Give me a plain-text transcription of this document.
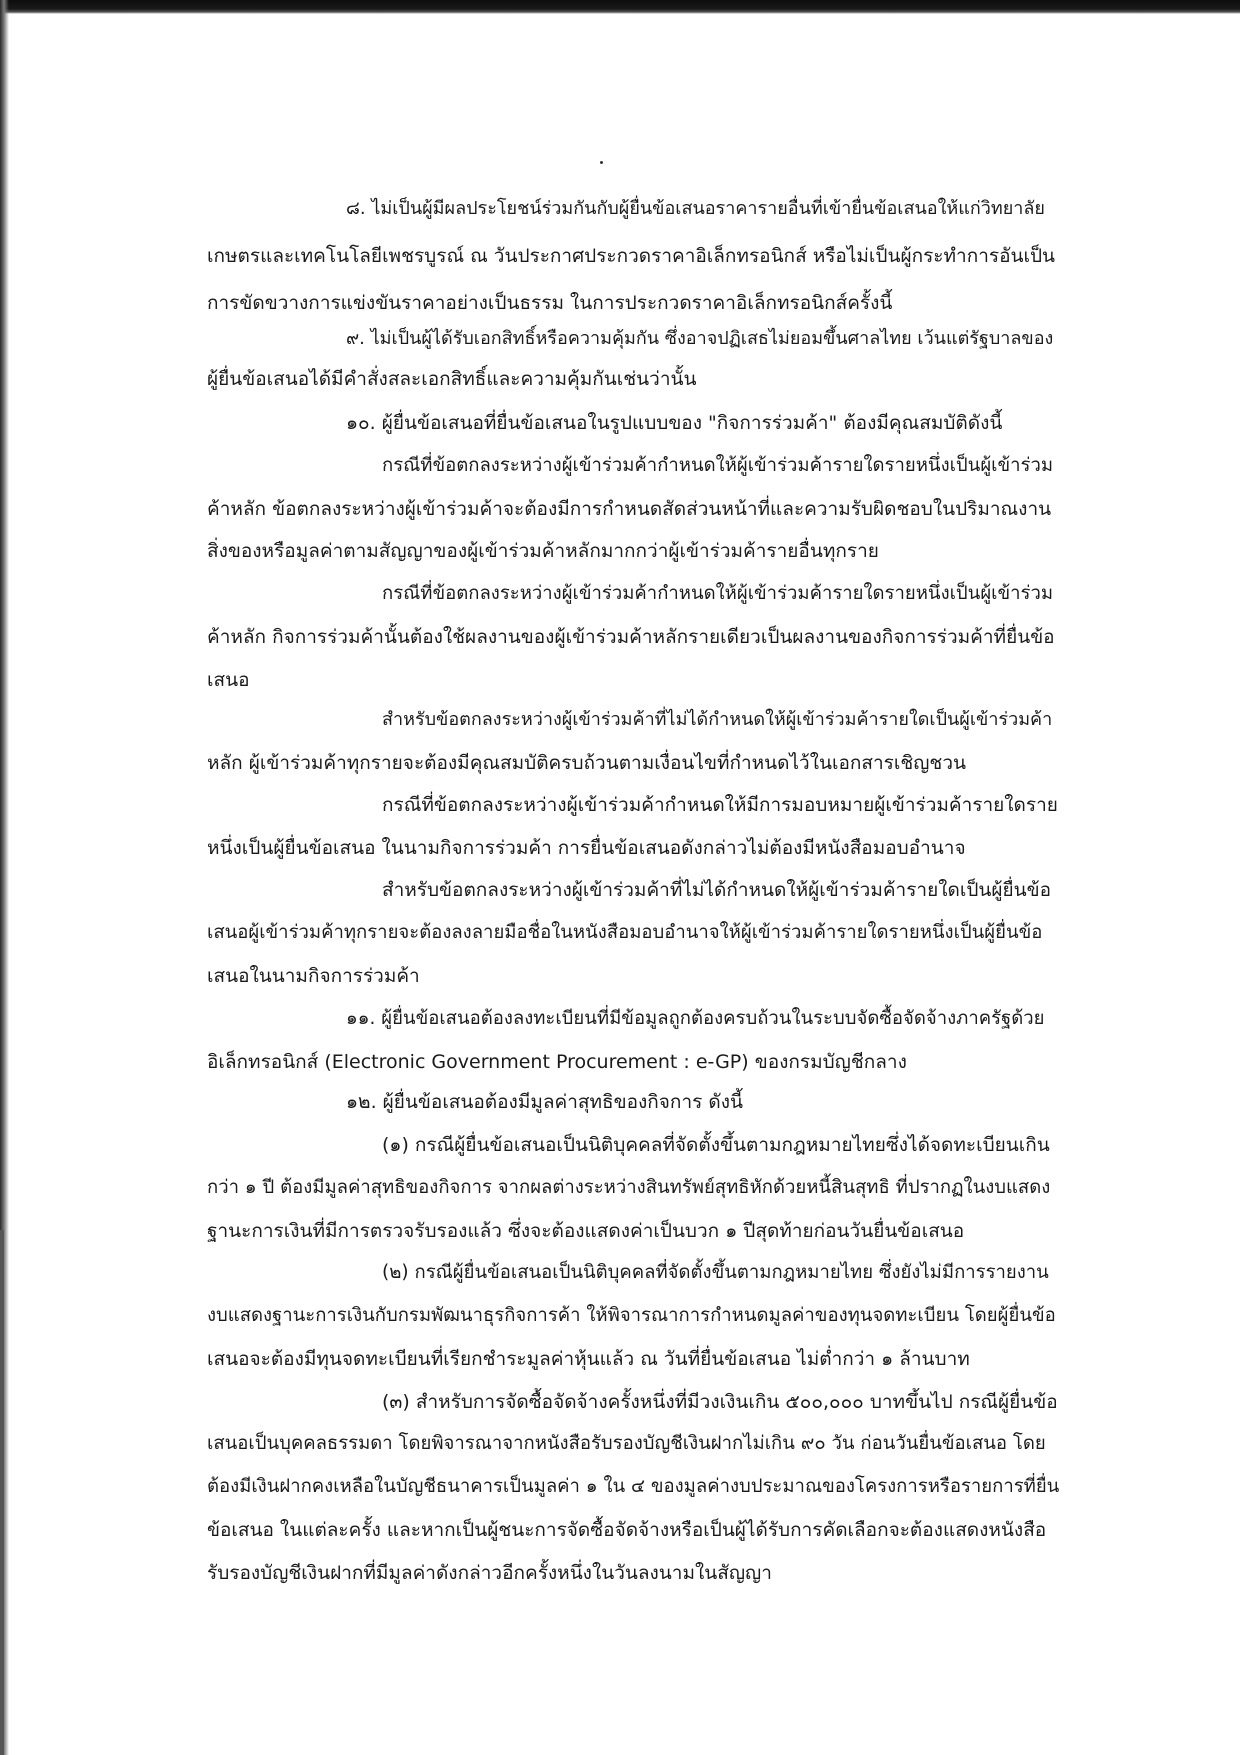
๘. ไม่เป็นผู้มีผลประโยชน์ร่วมกันกับผู้ยื่นข้อเสนอราคารายอื่นที่เข้ายื่นข้อเสนอให้แก่วิทยาลัย

เกษตรและเทคโนโลยีเพชรบูรณ์ ณ วันประกาศประกวดราคาอิเล็กทรอนิกส์ หรือไม่เป็นผู้กระทำการอันเป็น

การขัดขวางการแข่งขันราคาอย่างเป็นธรรม ในการประกวดราคาอิเล็กทรอนิกส์ครั้งนี้

๙. ไม่เป็นผู้ได้รับเอกสิทธิ์หรือความคุ้มกัน ซึ่งอาจปฏิเสธไม่ยอมขึ้นศาลไทย เว้นแต่รัฐบาลของ

ผู้ยื่นข้อเสนอได้มีคำสั่งสละเอกสิทธิ์และความคุ้มกันเช่นว่านั้น

๑๐. ผู้ยื่นข้อเสนอที่ยื่นข้อเสนอในรูปแบบของ "กิจการร่วมค้า" ต้องมีคุณสมบัติดังนี้

กรณีที่ข้อตกลงระหว่างผู้เข้าร่วมค้ากำหนดให้ผู้เข้าร่วมค้ารายใดรายหนึ่งเป็นผู้เข้าร่วม

ค้าหลัก ข้อตกลงระหว่างผู้เข้าร่วมค้าจะต้องมีการกำหนดสัดส่วนหน้าที่และความรับผิดชอบในปริมาณงาน

สิ่งของหรือมูลค่าตามสัญญาของผู้เข้าร่วมค้าหลักมากกว่าผู้เข้าร่วมค้ารายอื่นทุกราย

กรณีที่ข้อตกลงระหว่างผู้เข้าร่วมค้ากำหนดให้ผู้เข้าร่วมค้ารายใดรายหนึ่งเป็นผู้เข้าร่วม

ค้าหลัก กิจการร่วมค้านั้นต้องใช้ผลงานของผู้เข้าร่วมค้าหลักรายเดียวเป็นผลงานของกิจการร่วมค้าที่ยื่นข้อ

เสนอ

สำหรับข้อตกลงระหว่างผู้เข้าร่วมค้าที่ไม่ได้กำหนดให้ผู้เข้าร่วมค้ารายใดเป็นผู้เข้าร่วมค้า

หลัก ผู้เข้าร่วมค้าทุกรายจะต้องมีคุณสมบัติครบถ้วนตามเงื่อนไขที่กำหนดไว้ในเอกสารเชิญชวน

กรณีที่ข้อตกลงระหว่างผู้เข้าร่วมค้ากำหนดให้มีการมอบหมายผู้เข้าร่วมค้ารายใดราย

หนึ่งเป็นผู้ยื่นข้อเสนอ ในนามกิจการร่วมค้า การยื่นข้อเสนอดังกล่าวไม่ต้องมีหนังสือมอบอำนาจ

สำหรับข้อตกลงระหว่างผู้เข้าร่วมค้าที่ไม่ได้กำหนดให้ผู้เข้าร่วมค้ารายใดเป็นผู้ยื่นข้อ

เสนอผู้เข้าร่วมค้าทุกรายจะต้องลงลายมือชื่อในหนังสือมอบอำนาจให้ผู้เข้าร่วมค้ารายใดรายหนึ่งเป็นผู้ยื่นข้อ

เสนอในนามกิจการร่วมค้า

๑๑. ผู้ยื่นข้อเสนอต้องลงทะเบียนที่มีข้อมูลถูกต้องครบถ้วนในระบบจัดซื้อจัดจ้างภาครัฐด้วย

อิเล็กทรอนิกส์ (Electronic Government Procurement : e-GP) ของกรมบัญชีกลาง

๑๒. ผู้ยื่นข้อเสนอต้องมีมูลค่าสุทธิของกิจการ ดังนี้

(๑) กรณีผู้ยื่นข้อเสนอเป็นนิติบุคคลที่จัดตั้งขึ้นตามกฎหมายไทยซึ่งได้จดทะเบียนเกิน

กว่า ๑ ปี ต้องมีมูลค่าสุทธิของกิจการ จากผลต่างระหว่างสินทรัพย์สุทธิหักด้วยหนี้สินสุทธิ ที่ปรากฏในงบแสดง

ฐานะการเงินที่มีการตรวจรับรองแล้ว ซึ่งจะต้องแสดงค่าเป็นบวก ๑ ปีสุดท้ายก่อนวันยื่นข้อเสนอ

(๒) กรณีผู้ยื่นข้อเสนอเป็นนิติบุคคลที่จัดตั้งขึ้นตามกฎหมายไทย ซึ่งยังไม่มีการรายงาน

งบแสดงฐานะการเงินกับกรมพัฒนาธุรกิจการค้า ให้พิจารณาการกำหนดมูลค่าของทุนจดทะเบียน โดยผู้ยื่นข้อ

เสนอจะต้องมีทุนจดทะเบียนที่เรียกชำระมูลค่าหุ้นแล้ว ณ วันที่ยื่นข้อเสนอ ไม่ต่ำกว่า ๑ ล้านบาท

(๓) สำหรับการจัดซื้อจัดจ้างครั้งหนึ่งที่มีวงเงินเกิน ๕๐๐,๐๐๐ บาทขึ้นไป กรณีผู้ยื่นข้อ

เสนอเป็นบุคคลธรรมดา โดยพิจารณาจากหนังสือรับรองบัญชีเงินฝากไม่เกิน ๙๐ วัน ก่อนวันยื่นข้อเสนอ โดย

ต้องมีเงินฝากคงเหลือในบัญชีธนาคารเป็นมูลค่า ๑ ใน ๔ ของมูลค่างบประมาณของโครงการหรือรายการที่ยื่น

ข้อเสนอ ในแต่ละครั้ง และหากเป็นผู้ชนะการจัดซื้อจัดจ้างหรือเป็นผู้ได้รับการคัดเลือกจะต้องแสดงหนังสือ

รับรองบัญชีเงินฝากที่มีมูลค่าดังกล่าวอีกครั้งหนึ่งในวันลงนามในสัญญา
